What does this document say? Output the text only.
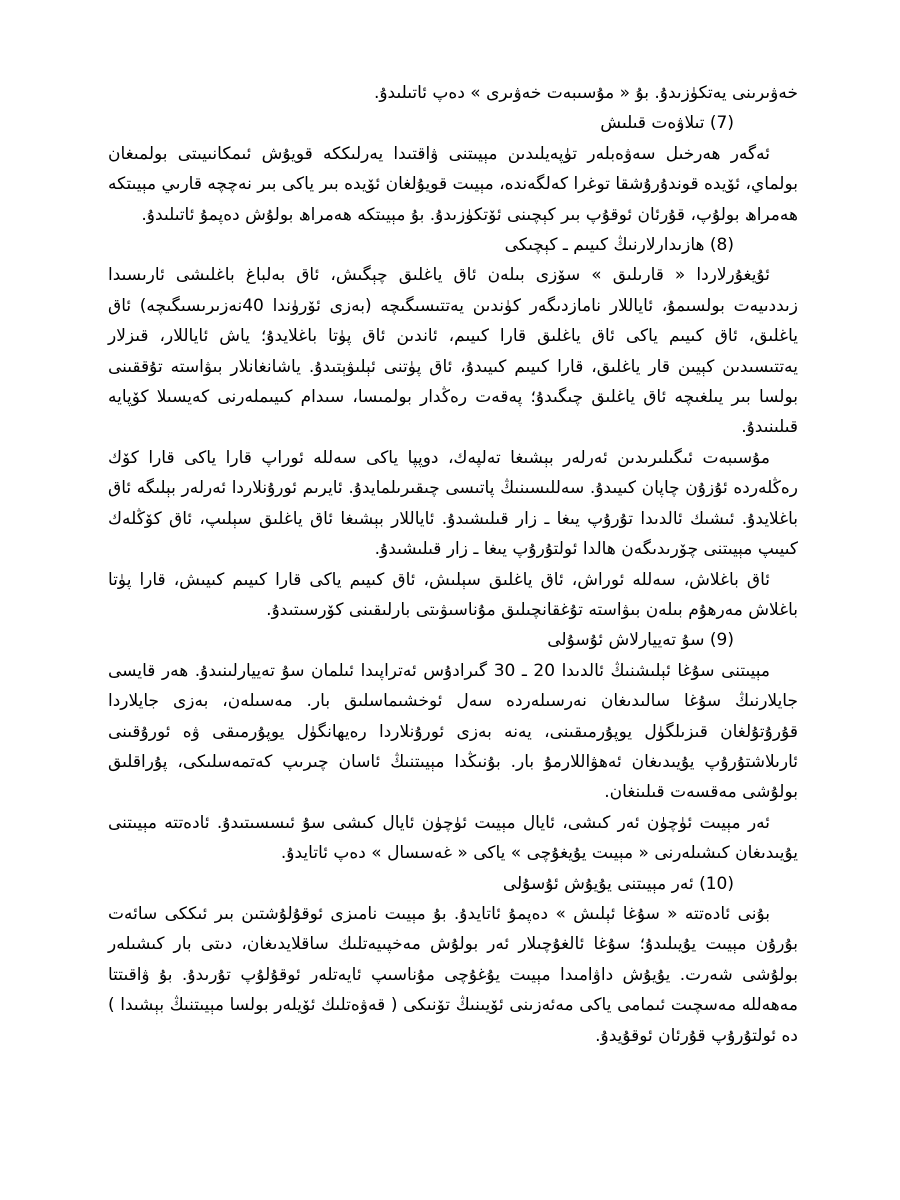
خەۋىرىنى يەتكۈزىدۇ. بۇ « مۇسىبەت خەۋىرى » دەپ ئاتىلىدۇ.

(7) تىلاۋەت قىلىش

ئەگەر ھەرخىل سەۋەبلەر تۈپەيلىدىن مېيىتنى ۋاقتىدا يەرلىككە قويۇش ئىمكانىيىتى بولمىغان بولماي، ئۆيدە قوندۇرۇشقا توغرا كەلگەندە، مېيىت قويۇلغان ئۆيدە بىر ياكى بىر نەچچە قارىي مېيىتكە ھەمراھ بولۇپ، قۇرئان ئوقۇپ بىر كېچىنى ئۆتكۈزىدۇ. بۇ مېيىتكە ھەمراھ بولۇش دەپمۇ ئاتىلىدۇ.

(8) ھازىدارلارنىڭ كىيىم ـ كېچىكى

ئۇيغۇرلاردا « قارىلىق » سۆزى بىلەن ئاق ياغلىق چېگىش، ئاق بەلباغ باغلىشى ئارىسىدا زىددىيەت بولسىمۇ، ئاياللار نامازدىگەر كۈندىن يەتتىسىگىچە (بەزى ئۆرۈندا 40نەزىرىسىگىچە) ئاق ياغلىق، ئاق كىيىم ياكى ئاق ياغلىق قارا كىيىم، ئاندىن ئاق پۈتا باغلايدۇ؛ ياش ئاياللار، قىزلار يەتتىسىدىن كېيىن قار ياغلىق، قارا كىيىم كىيىدۇ، ئاق پۈتنى ئېلىۋېتىدۇ. ياشانغانلار بىۋاستە تۇققىنى بولسا بىر يىلغىچە ئاق ياغلىق چىگىدۇ؛ پەقەت رەڭدار بولمىسا، سىدام كىيىملەرنى كەيسىلا كۆپايە قىلىنىدۇ.

مۇسىبەت ئىگىلىرىدىن ئەرلەر بېشىغا تەلپەك، دوپپا ياكى سەللە ئوراپ قارا ياكى قارا كۆك رەڭلەردە ئۇزۇن چاپان كىيىدۇ. سەللىسىنىڭ پاتىسى چىقىرىلمايدۇ. ئايرىم ئورۇنلاردا ئەرلەر بېلىگە ئاق باغلايدۇ. ئىشىك ئالدىدا تۇرۇپ يىغا ـ زار قىلىشىدۇ. ئاياللار بېشىغا ئاق ياغلىق سېلىپ، ئاق كۆڭلەك كىيىپ مېيىتنى چۆرىدىگەن ھالدا ئولتۇرۇپ يىغا ـ زار قىلىشىدۇ.

ئاق باغلاش، سەللە ئوراش، ئاق ياغلىق سېلىش، ئاق كىيىم ياكى قارا كىيىم كىيىش، قارا پۈتا باغلاش مەرھۇم بىلەن بىۋاستە تۇغقانچىلىق مۇناسىۋىتى بارلىقىنى كۆرسىتىدۇ.

(9) سۇ تەييارلاش ئۇسۇلى

مېيىتنى سۇغا ئېلىشنىڭ ئالدىدا 20 ـ 30 گىرادۇس ئەتراپىدا ئىلمان سۇ تەييارلىنىدۇ. ھەر قايسى جايلارنىڭ سۇغا سالىدىغان نەرسىلەردە سەل ئوخشىماسلىق بار. مەسىلەن، بەزى جايلاردا قۇرۇتۇلغان قىزىلگۈل يوپۇرمىقىنى، يەنە بەزى ئورۇنلاردا رەيھانگۈل يوپۇرمىقى ۋە ئورۇقىنى ئارىلاشتۇرۇپ يۇيىدىغان ئەھۋاللارمۇ بار. بۇنىڭدا مېيىتنىڭ ئاسان چىرىپ كەتمەسلىكى، پۇراقلىق بولۇشى مەقسەت قىلىنغان.

ئەر مېيىت ئۈچۈن ئەر كىشى، ئايال مېيىت ئۈچۈن ئايال كىشى سۇ ئىسسىتىدۇ. ئادەتتە مېيىتنى يۇيىدىغان كىشىلەرنى « مېيىت يۇيغۇچى » ياكى « غەسسال » دەپ ئاتايدۇ.

(10) ئەر مېيىتنى يۇيۇش ئۇسۇلى

بۇنى ئادەتتە « سۇغا ئېلىش » دەپمۇ ئاتايدۇ. بۇ مېيىت نامىزى ئوقۇلۇشتىن بىر ئىككى سائەت بۇرۇن مېيىت يۇيىلىدۇ؛ سۇغا ئالغۇچىلار ئەر بولۇش مەخپىيەتلىك ساقلايدىغان، دىتى بار كىشىلەر بولۇشى شەرت. يۇيۇش داۋامىدا مېيىت يۇغۇچى مۇناسىپ ئايەتلەر ئوقۇلۇپ تۇرىدۇ. بۇ ۋاقىتتا مەھەللە مەسچىت ئىمامى ياكى مەئەزىنى ئۆيىنىڭ تۆنىكى ( قەۋەتلىك ئۆيلەر بولسا مېيىتنىڭ بېشىدا ) دە ئولتۇرۇپ قۇرئان ئوقۇيدۇ.
